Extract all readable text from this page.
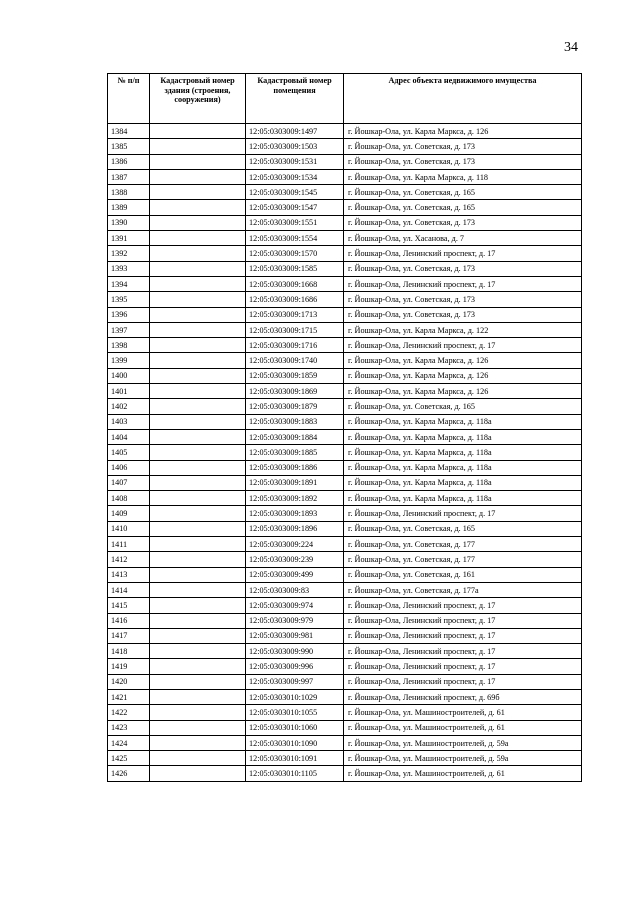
34
№ п/п	Кадастровый номер здания (строения, сооружения)	Кадастровый номер помещения	Адрес объекта недвижимого имущества
1384		12:05:0303009:1497	г. Йошкар-Ола, ул. Карла Маркса, д. 126
1385		12:05:0303009:1503	г. Йошкар-Ола, ул. Советская, д. 173
1386		12:05:0303009:1531	г. Йошкар-Ола, ул. Советская, д. 173
1387		12:05:0303009:1534	г. Йошкар-Ола, ул. Карла Маркса, д. 118
1388		12:05:0303009:1545	г. Йошкар-Ола, ул. Советская, д. 165
1389		12:05:0303009:1547	г. Йошкар-Ола, ул. Советская, д. 165
1390		12:05:0303009:1551	г. Йошкар-Ола, ул. Советская, д. 173
1391		12:05:0303009:1554	г. Йошкар-Ола, ул. Хасанова, д. 7
1392		12:05:0303009:1570	г. Йошкар-Ола, Ленинский проспект, д. 17
1393		12:05:0303009:1585	г. Йошкар-Ола, ул. Советская, д. 173
1394		12:05:0303009:1668	г. Йошкар-Ола, Ленинский проспект, д. 17
1395		12:05:0303009:1686	г. Йошкар-Ола, ул. Советская, д. 173
1396		12:05:0303009:1713	г. Йошкар-Ола, ул. Советская, д. 173
1397		12:05:0303009:1715	г. Йошкар-Ола, ул. Карла Маркса, д. 122
1398		12:05:0303009:1716	г. Йошкар-Ола, Ленинский проспект, д. 17
1399		12:05:0303009:1740	г. Йошкар-Ола, ул. Карла Маркса, д. 126
1400		12:05:0303009:1859	г. Йошкар-Ола, ул. Карла Маркса, д. 126
1401		12:05:0303009:1869	г. Йошкар-Ола, ул. Карла Маркса, д. 126
1402		12:05:0303009:1879	г. Йошкар-Ола, ул. Советская, д. 165
1403		12:05:0303009:1883	г. Йошкар-Ола, ул. Карла Маркса, д. 118а
1404		12:05:0303009:1884	г. Йошкар-Ола, ул. Карла Маркса, д. 118а
1405		12:05:0303009:1885	г. Йошкар-Ола, ул. Карла Маркса, д. 118а
1406		12:05:0303009:1886	г. Йошкар-Ола, ул. Карла Маркса, д. 118а
1407		12:05:0303009:1891	г. Йошкар-Ола, ул. Карла Маркса, д. 118а
1408		12:05:0303009:1892	г. Йошкар-Ола, ул. Карла Маркса, д. 118а
1409		12:05:0303009:1893	г. Йошкар-Ола, Ленинский проспект, д. 17
1410		12:05:0303009:1896	г. Йошкар-Ола, ул. Советская, д. 165
1411		12:05:0303009:224	г. Йошкар-Ола, ул. Советская, д. 177
1412		12:05:0303009:239	г. Йошкар-Ола, ул. Советская, д. 177
1413		12:05:0303009:499	г. Йошкар-Ола, ул. Советская, д. 161
1414		12:05:0303009:83	г. Йошкар-Ола, ул. Советская, д. 177а
1415		12:05:0303009:974	г. Йошкар-Ола, Ленинский проспект, д. 17
1416		12:05:0303009:979	г. Йошкар-Ола, Ленинский проспект, д. 17
1417		12:05:0303009:981	г. Йошкар-Ола, Ленинский проспект, д. 17
1418		12:05:0303009:990	г. Йошкар-Ола, Ленинский проспект, д. 17
1419		12:05:0303009:996	г. Йошкар-Ола, Ленинский проспект, д. 17
1420		12:05:0303009:997	г. Йошкар-Ола, Ленинский проспект, д. 17
1421		12:05:0303010:1029	г. Йошкар-Ола, Ленинский проспект, д. 69б
1422		12:05:0303010:1055	г. Йошкар-Ола, ул. Машиностроителей, д. 61
1423		12:05:0303010:1060	г. Йошкар-Ола, ул. Машиностроителей, д. 61
1424		12:05:0303010:1090	г. Йошкар-Ола, ул. Машиностроителей, д. 59а
1425		12:05:0303010:1091	г. Йошкар-Ола, ул. Машиностроителей, д. 59а
1426		12:05:0303010:1105	г. Йошкар-Ола, ул. Машиностроителей, д. 61
